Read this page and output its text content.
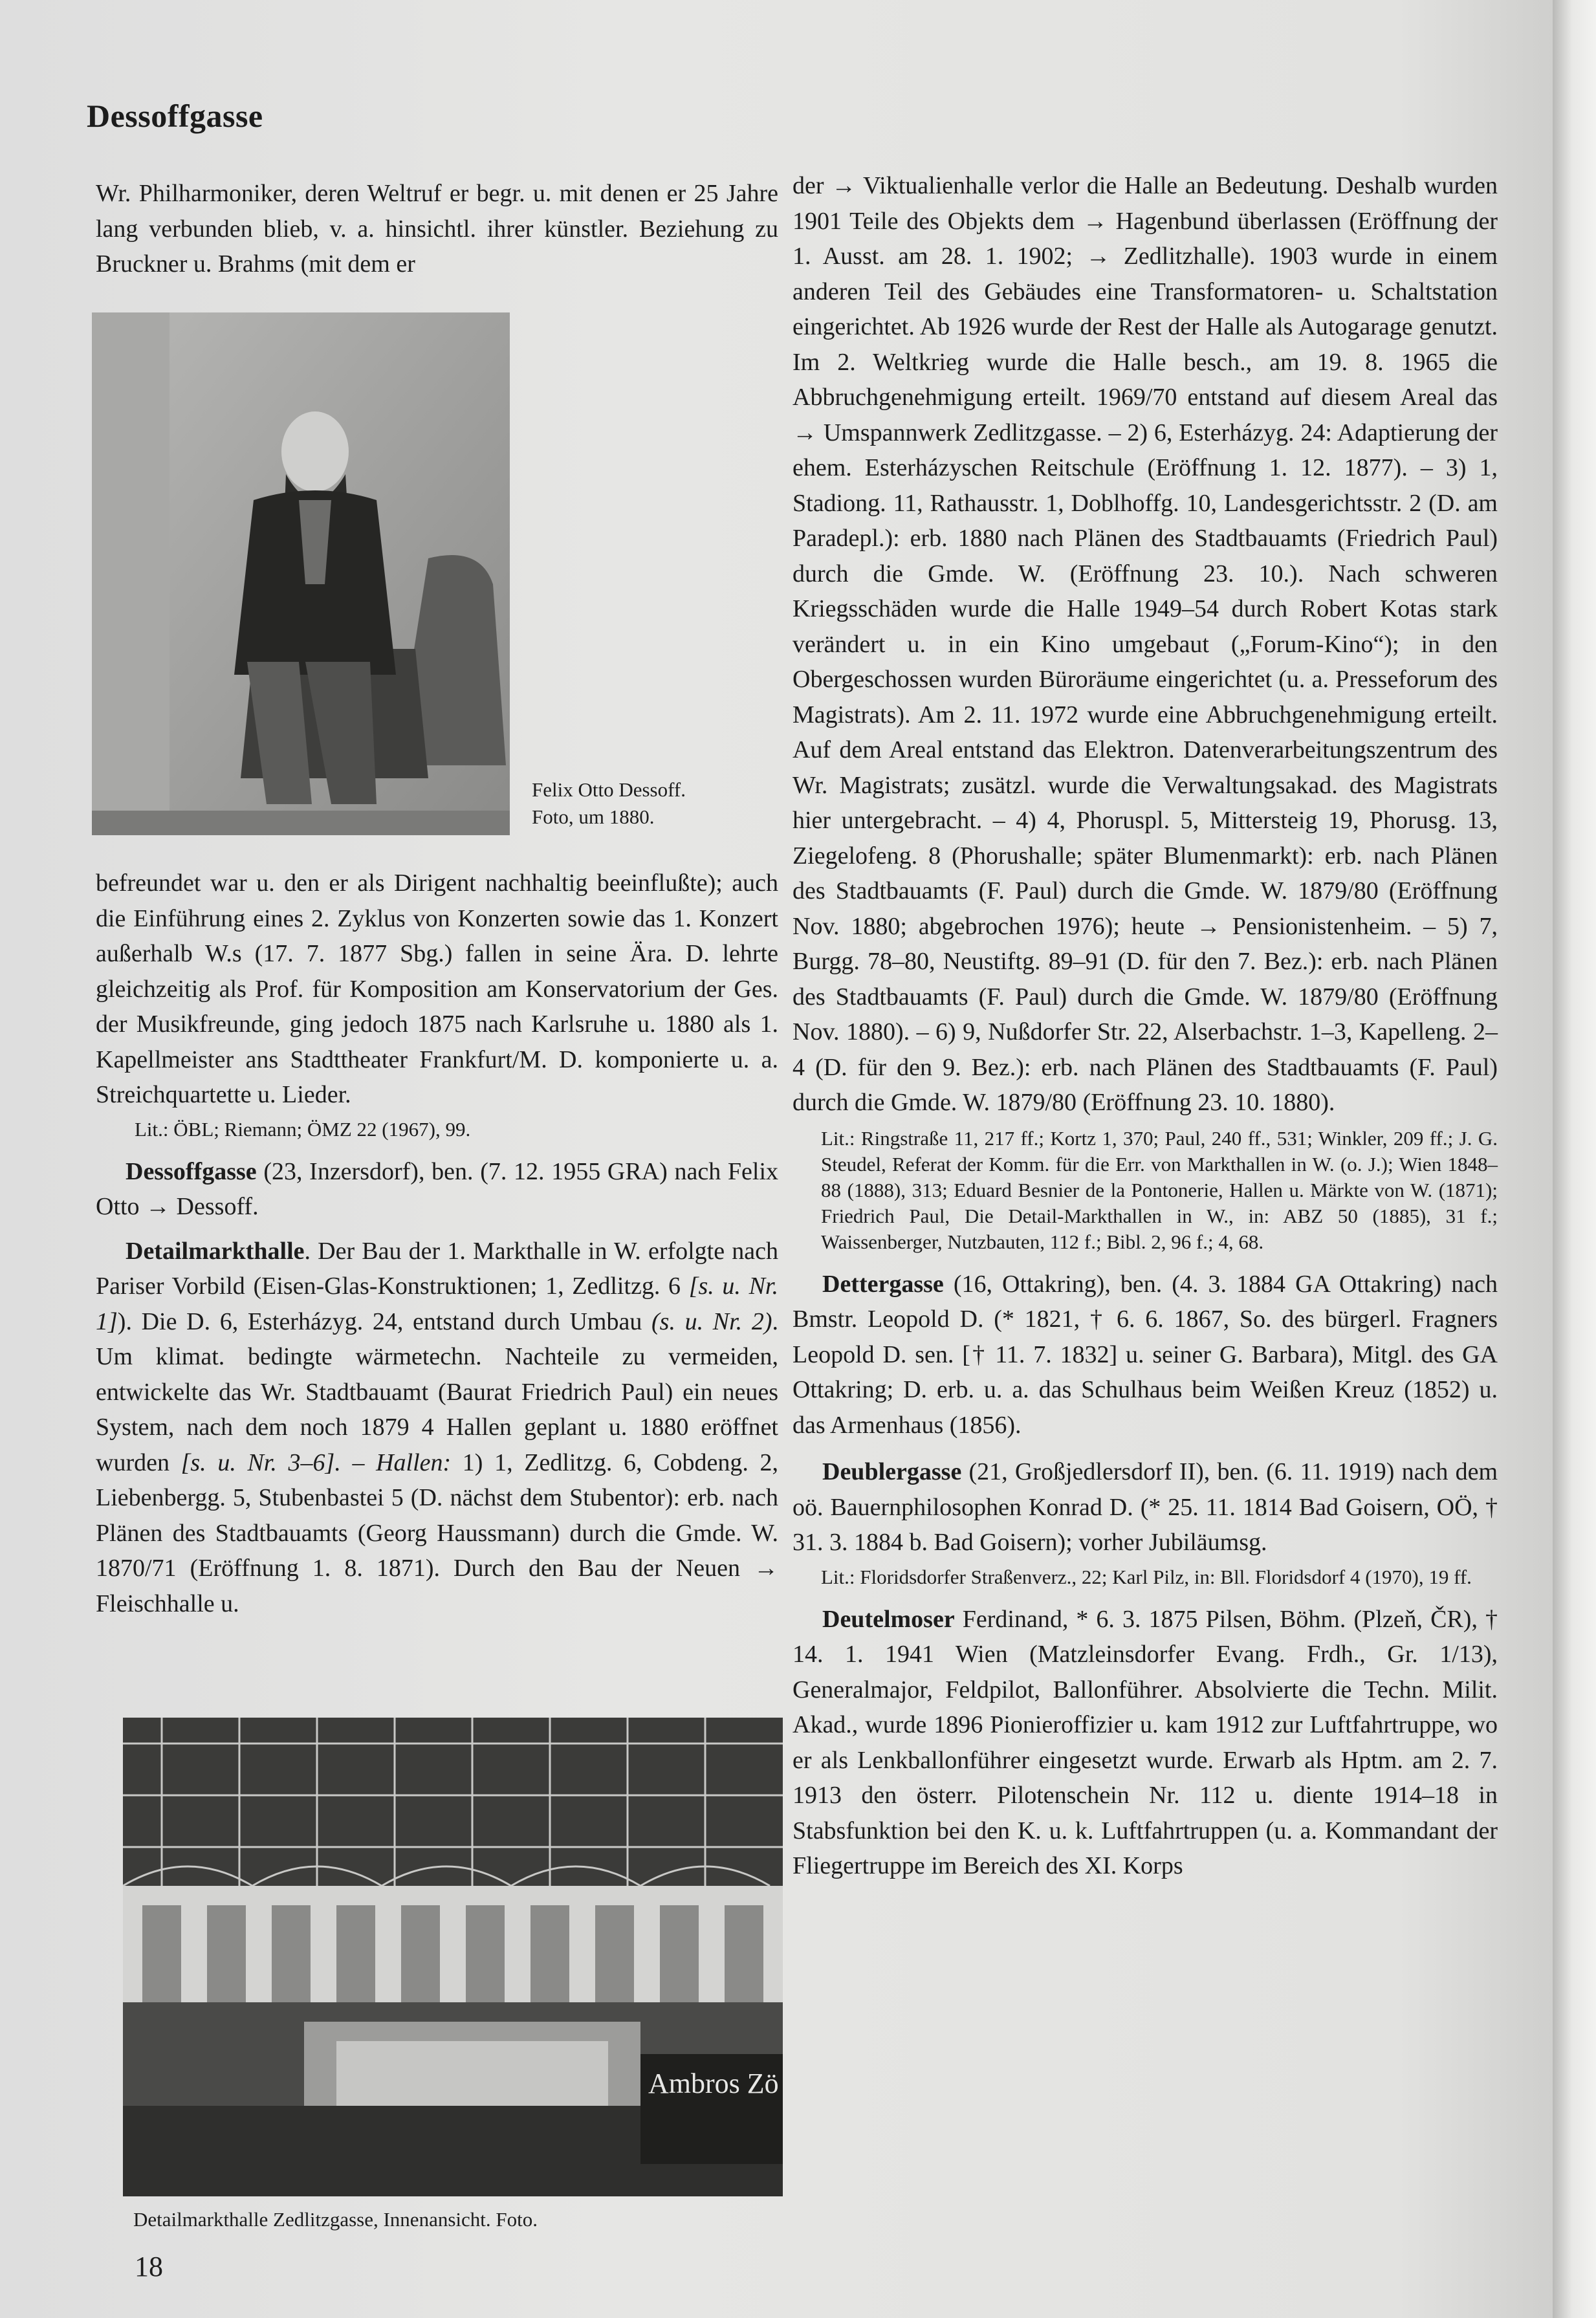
Dessoffgasse

Wr. Philharmoniker, deren Weltruf er begr. u. mit denen er 25 Jahre lang verbunden blieb, v. a. hinsichtl. ihrer künstler. Beziehung zu Bruckner u. Brahms (mit dem er

Felix Otto Dessoff.
Foto, um 1880.

befreundet war u. den er als Dirigent nachhaltig beeinflußte); auch die Einführung eines 2. Zyklus von Konzerten sowie das 1. Konzert außerhalb W.s (17. 7. 1877 Sbg.) fallen in seine Ära. D. lehrte gleichzeitig als Prof. für Komposition am Konservatorium der Ges. der Musikfreunde, ging jedoch 1875 nach Karlsruhe u. 1880 als 1. Kapellmeister ans Stadttheater Frankfurt/M. D. komponierte u. a. Streichquartette u. Lieder.

Lit.: ÖBL; Riemann; ÖMZ 22 (1967), 99.

Dessoffgasse (23, Inzersdorf), ben. (7. 12. 1955 GRA) nach Felix Otto → Dessoff.

Detailmarkthalle. Der Bau der 1. Markthalle in W. erfolgte nach Pariser Vorbild (Eisen-Glas-Konstruktionen; 1, Zedlitzg. 6 [s. u. Nr. 1]). Die D. 6, Esterházyg. 24, entstand durch Umbau (s. u. Nr. 2). Um klimat. bedingte wärmetechn. Nachteile zu vermeiden, entwickelte das Wr. Stadtbauamt (Baurat Friedrich Paul) ein neues System, nach dem noch 1879 4 Hallen geplant u. 1880 eröffnet wurden [s. u. Nr. 3–6]. – Hallen: 1) 1, Zedlitzg. 6, Cobdeng. 2, Liebenbergg. 5, Stubenbastei 5 (D. nächst dem Stubentor): erb. nach Plänen des Stadtbauamts (Georg Haussmann) durch die Gmde. W. 1870/71 (Eröffnung 1. 8. 1871). Durch den Bau der Neuen → Fleischhalle u.

Ambros Zö
Detailmarkthalle Zedlitzgasse, Innenansicht. Foto.

der → Viktualienhalle verlor die Halle an Bedeutung. Deshalb wurden 1901 Teile des Objekts dem → Hagenbund überlassen (Eröffnung der 1. Ausst. am 28. 1. 1902; → Zedlitzhalle). 1903 wurde in einem anderen Teil des Gebäudes eine Transformatoren- u. Schaltstation eingerichtet. Ab 1926 wurde der Rest der Halle als Autogarage genutzt. Im 2. Weltkrieg wurde die Halle besch., am 19. 8. 1965 die Abbruchgenehmigung erteilt. 1969/70 entstand auf diesem Areal das → Umspannwerk Zedlitzgasse. – 2) 6, Esterházyg. 24: Adaptierung der ehem. Esterházyschen Reitschule (Eröffnung 1. 12. 1877). – 3) 1, Stadiong. 11, Rathausstr. 1, Doblhoffg. 10, Landesgerichtsstr. 2 (D. am Paradepl.): erb. 1880 nach Plänen des Stadtbauamts (Friedrich Paul) durch die Gmde. W. (Eröffnung 23. 10.). Nach schweren Kriegsschäden wurde die Halle 1949–54 durch Robert Kotas stark verändert u. in ein Kino umgebaut („Forum-Kino“); in den Obergeschossen wurden Büroräume eingerichtet (u. a. Presseforum des Magistrats). Am 2. 11. 1972 wurde eine Abbruchgenehmigung erteilt. Auf dem Areal entstand das Elektron. Datenverarbeitungszentrum des Wr. Magistrats; zusätzl. wurde die Verwaltungsakad. des Magistrats hier untergebracht. – 4) 4, Phoruspl. 5, Mittersteig 19, Phorusg. 13, Ziegelofeng. 8 (Phorushalle; später Blumenmarkt): erb. nach Plänen des Stadtbauamts (F. Paul) durch die Gmde. W. 1879/80 (Eröffnung Nov. 1880; abgebrochen 1976); heute → Pensionistenheim. – 5) 7, Burgg. 78–80, Neustiftg. 89–91 (D. für den 7. Bez.): erb. nach Plänen des Stadtbauamts (F. Paul) durch die Gmde. W. 1879/80 (Eröffnung Nov. 1880). – 6) 9, Nußdorfer Str. 22, Alserbachstr. 1–3, Kapelleng. 2–4 (D. für den 9. Bez.): erb. nach Plänen des Stadtbauamts (F. Paul) durch die Gmde. W. 1879/80 (Eröffnung 23. 10. 1880).

Lit.: Ringstraße 11, 217 ff.; Kortz 1, 370; Paul, 240 ff., 531; Winkler, 209 ff.; J. G. Steudel, Referat der Komm. für die Err. von Markthallen in W. (o. J.); Wien 1848–88 (1888), 313; Eduard Besnier de la Pontonerie, Hallen u. Märkte von W. (1871); Friedrich Paul, Die Detail-Markthallen in W., in: ABZ 50 (1885), 31 f.; Waissenberger, Nutzbauten, 112 f.; Bibl. 2, 96 f.; 4, 68.

Dettergasse (16, Ottakring), ben. (4. 3. 1884 GA Ottakring) nach Bmstr. Leopold D. (* 1821, † 6. 6. 1867, So. des bürgerl. Fragners Leopold D. sen. [† 11. 7. 1832] u. seiner G. Barbara), Mitgl. des GA Ottakring; D. erb. u. a. das Schulhaus beim Weißen Kreuz (1852) u. das Armenhaus (1856).

Deublergasse (21, Großjedlersdorf II), ben. (6. 11. 1919) nach dem oö. Bauernphilosophen Konrad D. (* 25. 11. 1814 Bad Goisern, OÖ, † 31. 3. 1884 b. Bad Goisern); vorher Jubiläumsg.

Lit.: Floridsdorfer Straßenverz., 22; Karl Pilz, in: Bll. Floridsdorf 4 (1970), 19 ff.

Deutelmoser Ferdinand, * 6. 3. 1875 Pilsen, Böhm. (Plzeň, ČR), † 14. 1. 1941 Wien (Matzleinsdorfer Evang. Frdh., Gr. 1/13), Generalmajor, Feldpilot, Ballonführer. Absolvierte die Techn. Milit. Akad., wurde 1896 Pionieroffizier u. kam 1912 zur Luftfahrtruppe, wo er als Lenkballonführer eingesetzt wurde. Erwarb als Hptm. am 2. 7. 1913 den österr. Pilotenschein Nr. 112 u. diente 1914–18 in Stabsfunktion bei den K. u. k. Luftfahrtruppen (u. a. Kommandant der Fliegertruppe im Bereich des XI. Korps

18
